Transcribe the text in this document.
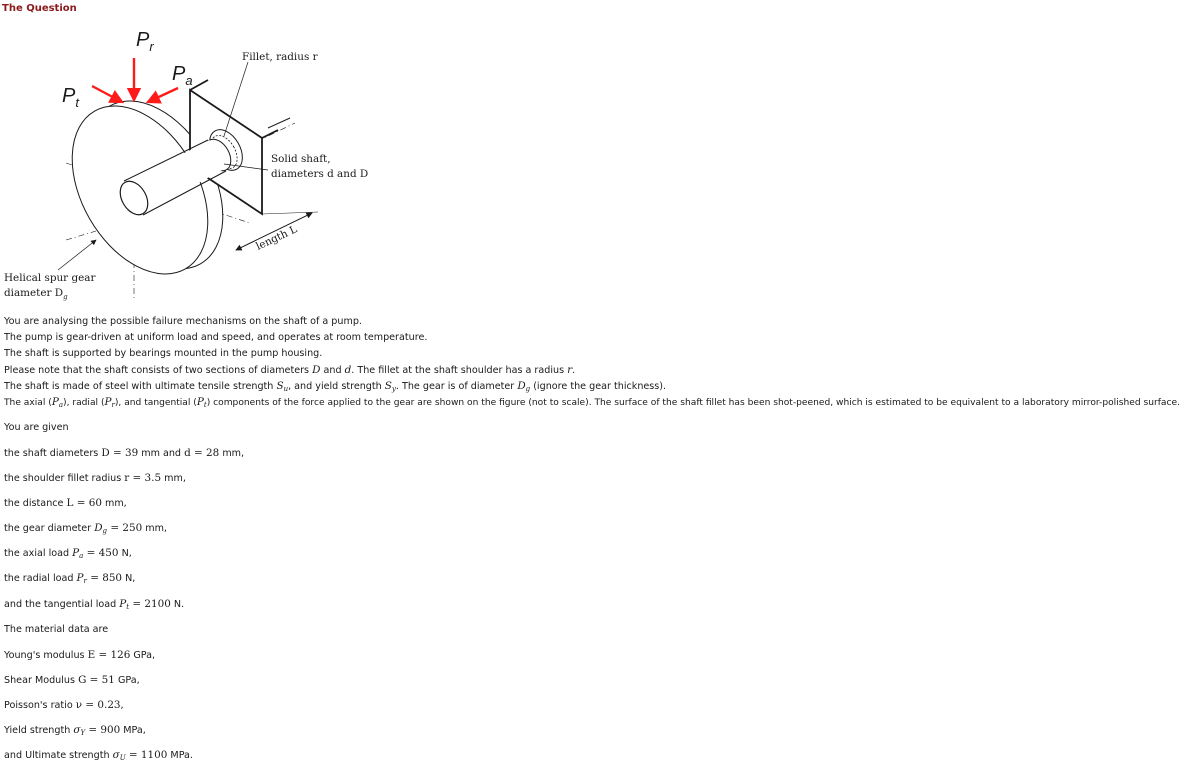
The Question
$P_r$
$P_a$
$P_t$
Fillet, radius r
Solid shaft,
diameters d and D
length L
Helical spur gear
diameter $D_g$
You are analysing the possible failure mechanisms on the shaft of a pump.
The pump is gear-driven at uniform load and speed, and operates at room temperature.
The shaft is supported by bearings mounted in the pump housing.
Please note that the shaft consists of two sections of diameters D and d. The fillet at the shaft shoulder has a radius r.
The shaft is made of steel with ultimate tensile strength $S_u$, and yield strength $S_y$. The gear is of diameter $D_g$ (ignore the gear thickness).
The axial $(P_a)$, radial $(P_r)$, and tangential $(P_t)$ components of the force applied to the gear are shown on the figure (not to scale). The surface of the shaft fillet has been shot-peened, which is estimated to be equivalent to a laboratory mirror-polished surface.
You are given
the shaft diameters D = 39 mm and d = 28 mm,
the shoulder fillet radius r = 3.5 mm,
the distance L = 60 mm,
the gear diameter $D_g = 250$ mm,
the axial load $P_a = 450$ N,
the radial load $P_r = 850$ N,
and the tangential load $P_t = 2100$ N.
The material data are
Young's modulus E = 126 GPa,
Shear Modulus G = 51 GPa,
Poisson's ratio ν = 0.23,
Yield strength $\sigma_Y = 900$ MPa,
and Ultimate strength $\sigma_U = 1100$ MPa.
